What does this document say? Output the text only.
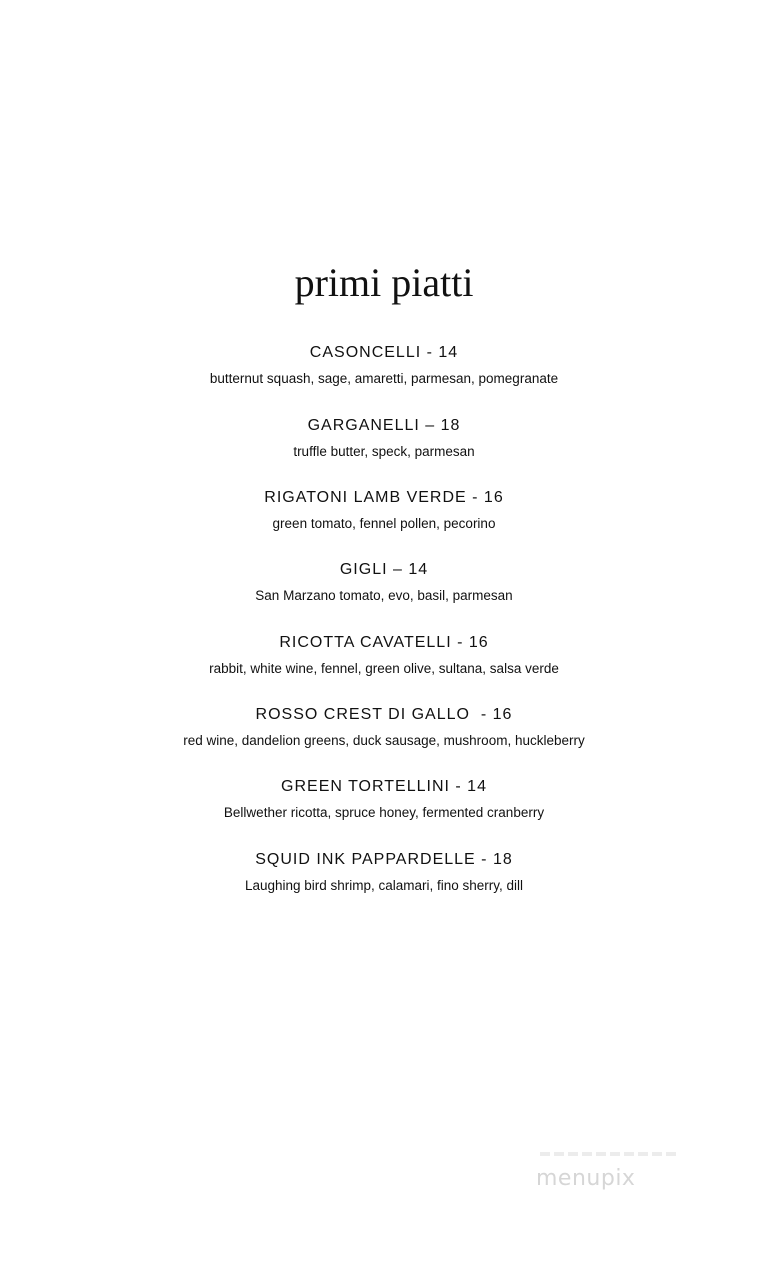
primi piatti
CASONCELLI - 14
butternut squash, sage, amaretti, parmesan, pomegranate
GARGANELLI – 18
truffle butter, speck, parmesan
RIGATONI LAMB VERDE - 16
green tomato, fennel pollen, pecorino
GIGLI – 14
San Marzano tomato, evo, basil, parmesan
RICOTTA CAVATELLI - 16
rabbit, white wine, fennel, green olive, sultana, salsa verde
ROSSO CREST DI GALLO  - 16
red wine, dandelion greens, duck sausage, mushroom, huckleberry
GREEN TORTELLINI - 14
Bellwether ricotta, spruce honey, fermented cranberry
SQUID INK PAPPARDELLE - 18
Laughing bird shrimp, calamari, fino sherry, dill
menupix
